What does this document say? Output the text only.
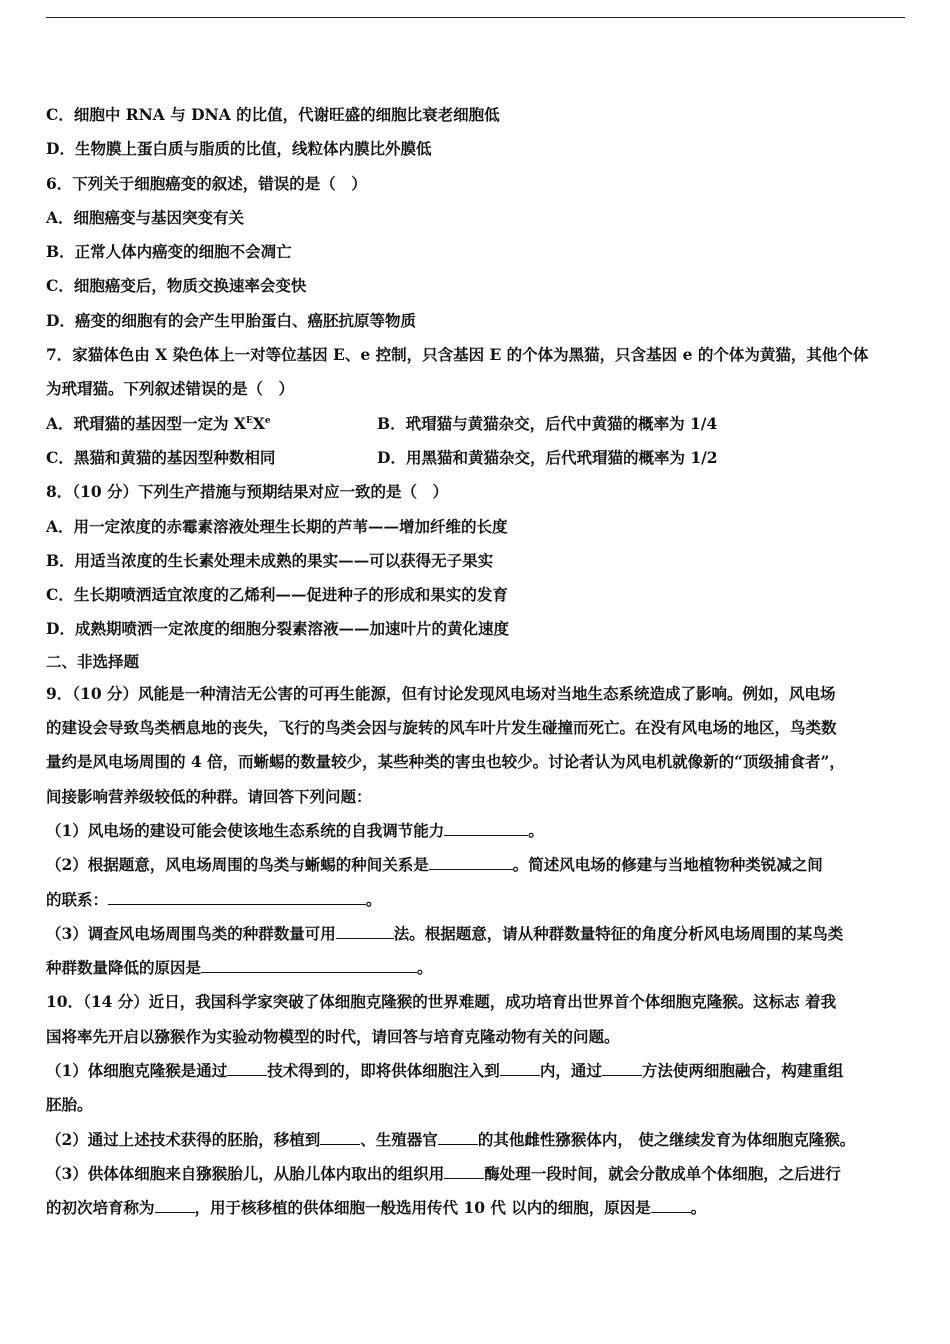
C．细胞中 RNA 与 DNA 的比值，代谢旺盛的细胞比衰老细胞低
D．生物膜上蛋白质与脂质的比值，线粒体内膜比外膜低
6．下列关于细胞癌变的叙述，错误的是（　）
A．细胞癌变与基因突变有关
B．正常人体内癌变的细胞不会凋亡
C．细胞癌变后，物质交换速率会变快
D．癌变的细胞有的会产生甲胎蛋白、癌胚抗原等物质
7．家猫体色由 X 染色体上一对等位基因 E、e 控制，只含基因 E 的个体为黑猫，只含基因 e 的个体为黄猫，其他个体
为玳瑁猫。下列叙述错误的是（　）
A．玳瑁猫的基因型一定为 $X^EXe$	B．玳瑁猫与黄猫杂交，后代中黄猫的概率为 1/4
C．黑猫和黄猫的基因型种数相同	D．用黑猫和黄猫杂交，后代玳瑁猫的概率为 1/2
8．（10 分）下列生产措施与预期结果对应一致的是（　）
A．用一定浓度的赤霉素溶液处理生长期的芦苇——增加纤维的长度
B．用适当浓度的生长素处理未成熟的果实——可以获得无子果实
C．生长期喷洒适宜浓度的乙烯利——促进种子的形成和果实的发育
D．成熟期喷洒一定浓度的细胞分裂素溶液——加速叶片的黄化速度
二、非选择题
9．（10 分）风能是一种清洁无公害的可再生能源，但有讨论发现风电场对当地生态系统造成了影响。例如，风电场
的建设会导致鸟类栖息地的丧失，飞行的鸟类会因与旋转的风车叶片发生碰撞而死亡。在没有风电场的地区，鸟类数
量约是风电场周围的 4 倍，而蜥蜴的数量较少，某些种类的害虫也较少。讨论者认为风电机就像新的“顶级捕食者”，
间接影响营养级较低的种群。请回答下列问题：
（1）风电场的建设可能会使该地生态系统的自我调节能力	。
（2）根据题意，风电场周围的鸟类与蜥蜴的种间关系是	。简述风电场的修建与当地植物种类锐减之间
的联系：	。
（3）调查风电场周围鸟类的种群数量可用	法。根据题意，请从种群数量特征的角度分析风电场周围的某鸟类
种群数量降低的原因是	。
10．（14 分）近日，我国科学家突破了体细胞克隆猴的世界难题，成功培育出世界首个体细胞克隆猴。这标志 着我
国将率先开启以猕猴作为实验动物模型的时代，请回答与培育克隆动物有关的问题。
（1）体细胞克隆猴是通过	技术得到的，即将供体细胞注入到	内，通过	方法使两细胞融合，构建重组
胚胎。
（2）通过上述技术获得的胚胎，移植到	、生殖器官	的其他雌性猕猴体内， 使之继续发育为体细胞克隆猴。
（3）供体体细胞来自猕猴胎儿，从胎儿体内取出的组织用	酶处理一段时间，就会分散成单个体细胞，之后进行
的初次培育称为	，用于核移植的供体细胞一般选用传代 10 代 以内的细胞，原因是	。
